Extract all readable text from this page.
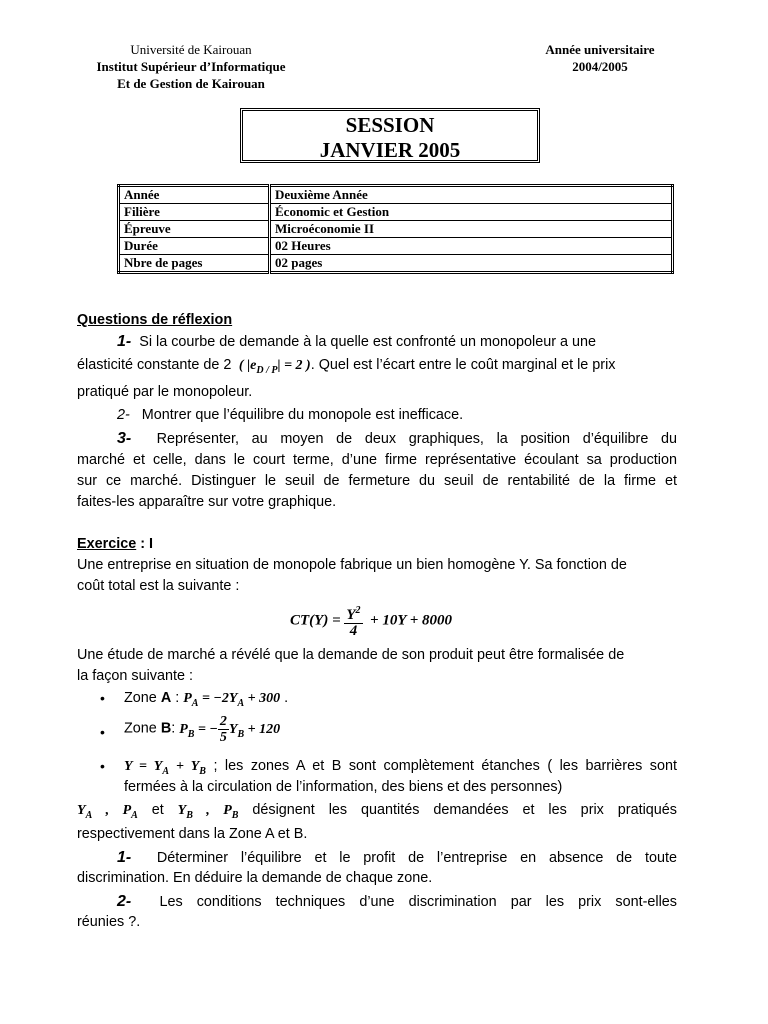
Université de Kairouan
Institut Supérieur d’Informatique
Et de Gestion de Kairouan
Année universitaire
2004/2005
SESSION
JANVIER 2005
Année	Deuxième Année
Filière	Économic et Gestion
Épreuve	Microéconomie II
Durée	02 Heures
Nbre de pages	02 pages
Questions de réflexion
1- Si la courbe de demande à la quelle est confronté un monopoleur a une
élasticité constante de 2  ( $|e_{D / P}| = 2$ ). Quel est l’écart entre le coût marginal et le prix
pratiqué par le monopoleur.
2- Montrer que l’équilibre du monopole est inefficace.
3- Représenter, au moyen de deux graphiques, la position d’équilibre du
marché et celle, dans le court terme, d’une firme représentative écoulant sa production
sur ce marché. Distinguer le seuil de fermeture du seuil de rentabilité de la firme et
faites-les apparaître sur votre graphique.
Exercice : I
Une entreprise en situation de monopole fabrique un bien homogène Y. Sa fonction de
coût total est la suivante :
$CT(Y) = \frac{Y^2}{4} + 10Y + 8000$
Une étude de marché a révélé que la demande de son produit peut être formalisée de
la façon suivante :
• Zone A : $P_A = -2Y_A + 300$ .
• Zone B: $P_B$ = − $\frac{2}{5} Y_B + 120$
• $Y = Y_A + Y_B$ ; les zones A et B sont complètement étanches ( les barrières sont
fermées à la circulation de l’information, des biens et des personnes)
$Y_A$ , $P_A$ et $Y_B$ , $P_B$ désignent les quantités demandées et les prix pratiqués
respectivement dans la Zone A et B.
1- Déterminer l’équilibre et le profit de l’entreprise en absence de toute
discrimination. En déduire la demande de chaque zone.
2- Les conditions techniques d’une discrimination par les prix sont-elles
réunies ?.
